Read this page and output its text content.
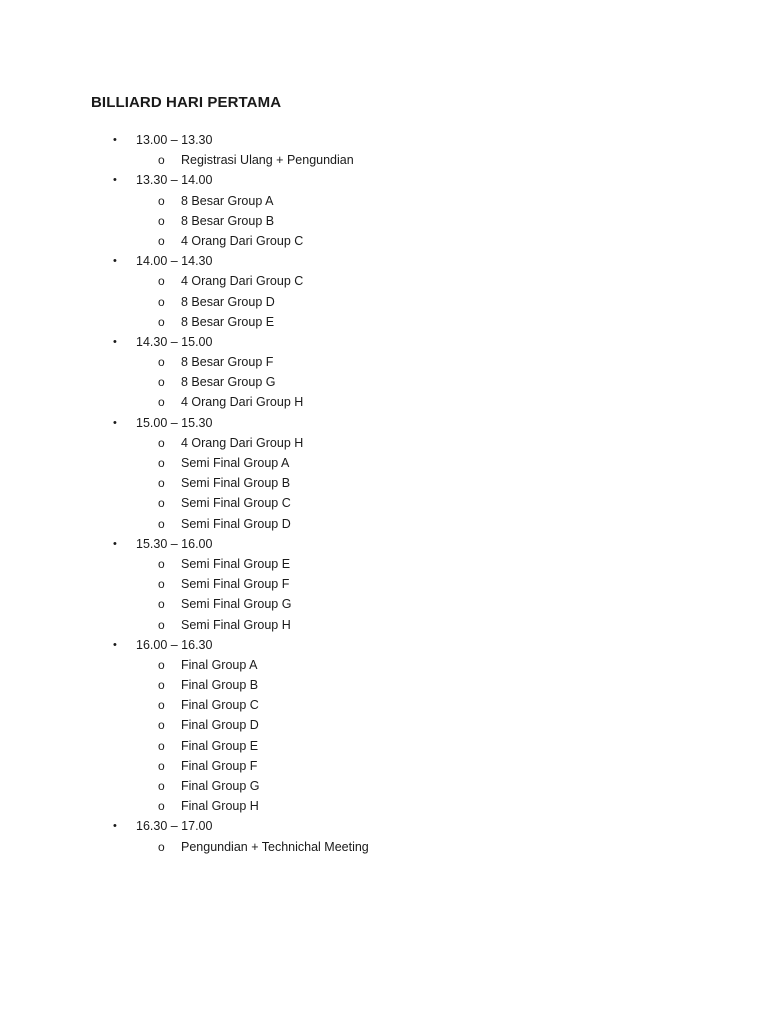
BILLIARD HARI PERTAMA
• 13.00 – 13.30
o Registrasi Ulang + Pengundian
• 13.30 – 14.00
o 8 Besar Group A
o 8 Besar Group B
o 4 Orang Dari Group C
• 14.00 – 14.30
o 4 Orang Dari Group C
o 8 Besar Group D
o 8 Besar Group E
• 14.30 – 15.00
o 8 Besar Group F
o 8 Besar Group G
o 4 Orang Dari Group H
• 15.00 – 15.30
o 4 Orang Dari Group H
o Semi Final Group A
o Semi Final Group B
o Semi Final Group C
o Semi Final Group D
• 15.30 – 16.00
o Semi Final Group E
o Semi Final Group F
o Semi Final Group G
o Semi Final Group H
• 16.00 – 16.30
o Final Group A
o Final Group B
o Final Group C
o Final Group D
o Final Group E
o Final Group F
o Final Group G
o Final Group H
• 16.30 – 17.00
o Pengundian + Technichal Meeting
